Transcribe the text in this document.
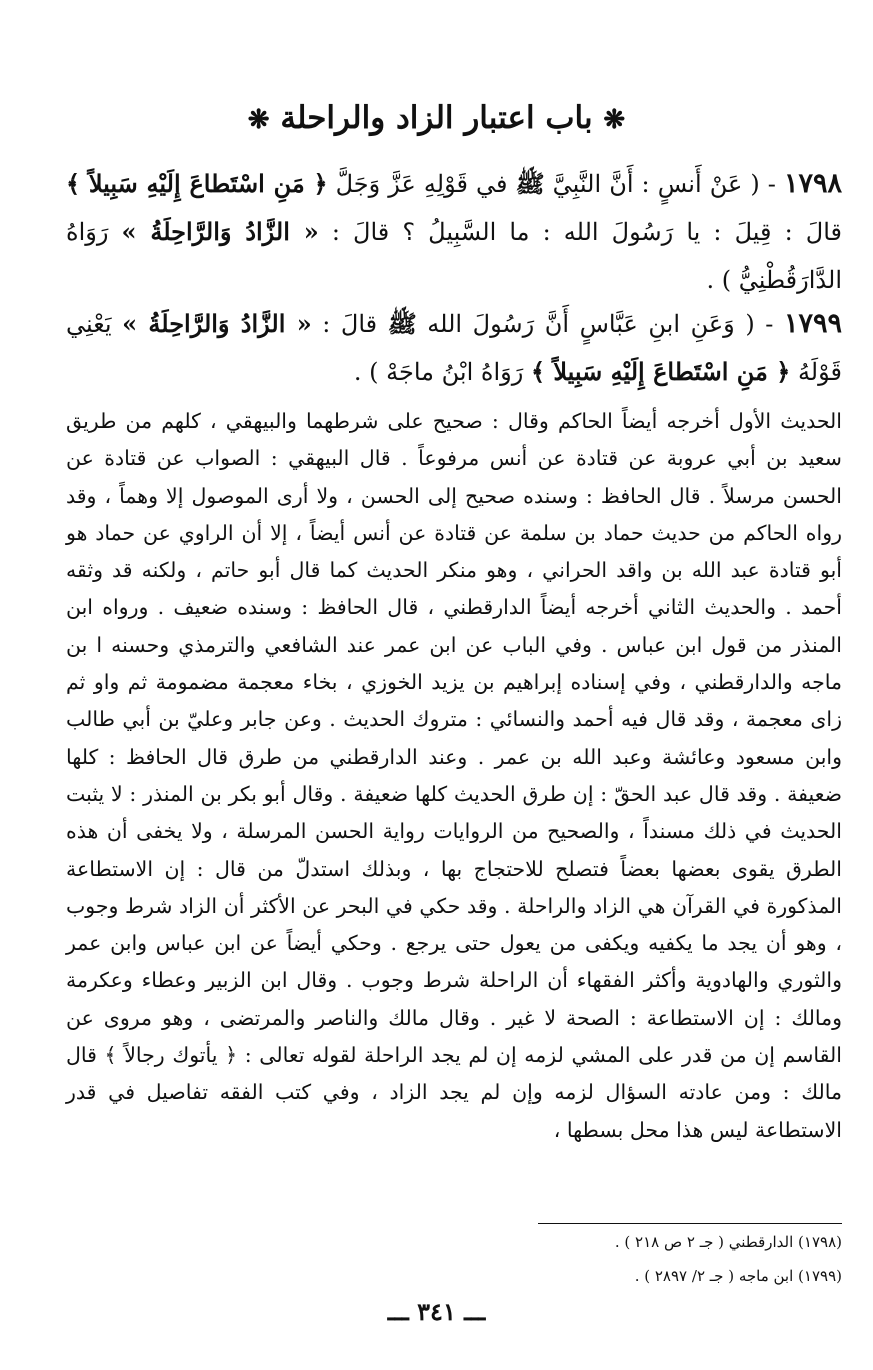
❋ باب اعتبار الزاد والراحلة ❋
١٧٩٨ - ( عَنْ أَنسٍ : أَنَّ النَّبِيَّ ﷺ في قَوْلِهِ عَزَّ وَجَلَّ ﴿ مَنِ اسْتَطاعَ إِلَيْهِ سَبِيلاً ﴾ قالَ : قِيلَ : يا رَسُولَ الله : ما السَّبِيلُ ؟ قالَ : « الزَّادُ وَالرَّاحِلَةُ » رَوَاهُ الدَّارَقُطْنِيُّ ) .
١٧٩٩ - ( وَعَنِ ابنِ عَبَّاسٍ أَنَّ رَسُولَ الله ﷺ قالَ : « الزَّادُ وَالرَّاحِلَةُ » يَعْنِي قَوْلَهُ ﴿ مَنِ اسْتَطاعَ إِلَيْهِ سَبِيلاً ﴾ رَوَاهُ ابْنُ ماجَهْ ) .
الحديث الأول أخرجه أيضاً الحاكم وقال : صحيح على شرطهما والبيهقي ، كلهم من طريق سعيد بن أبي عروبة عن قتادة عن أنس مرفوعاً . قال البيهقي : الصواب عن قتادة عن الحسن مرسلاً . قال الحافظ : وسنده صحيح إلى الحسن ، ولا أرى الموصول إلا وهماً ، وقد رواه الحاكم من حديث حماد بن سلمة عن قتادة عن أنس أيضاً ، إلا أن الراوي عن حماد هو أبو قتادة عبد الله بن واقد الحراني ، وهو منكر الحديث كما قال أبو حاتم ، ولكنه قد وثقه أحمد . والحديث الثاني أخرجه أيضاً الدارقطني ، قال الحافظ : وسنده ضعيف . ورواه ابن المنذر من قول ابن عباس . وفي الباب عن ابن عمر عند الشافعي والترمذي وحسنه ا بن ماجه والدارقطني ، وفي إسناده إبراهيم بن يزيد الخوزي ، بخاء معجمة مضمومة ثم واو ثم زاى معجمة ، وقد قال فيه أحمد والنسائي : متروك الحديث . وعن جابر وعليّ بن أبي طالب وابن مسعود وعائشة وعبد الله بن عمر . وعند الدارقطني من طرق قال الحافظ : كلها ضعيفة . وقد قال عبد الحقّ : إن طرق الحديث كلها ضعيفة . وقال أبو بكر بن المنذر : لا يثبت الحديث في ذلك مسنداً ، والصحيح من الروايات رواية الحسن المرسلة ، ولا يخفى أن هذه الطرق يقوى بعضها بعضاً فتصلح للاحتجاج بها ، وبذلك استدلّ من قال : إن الاستطاعة المذكورة في القرآن هي الزاد والراحلة . وقد حكي في البحر عن الأكثر أن الزاد شرط وجوب ، وهو أن يجد ما يكفيه ويكفى من يعول حتى يرجع . وحكي أيضاً عن ابن عباس وابن عمر والثوري والهادوية وأكثر الفقهاء أن الراحلة شرط وجوب . وقال ابن الزبير وعطاء وعكرمة ومالك : إن الاستطاعة : الصحة لا غير . وقال مالك والناصر والمرتضى ، وهو مروى عن القاسم إن من قدر على المشي لزمه إن لم يجد الراحلة لقوله تعالى : ﴿ يأتوك رجالاً ﴾ قال مالك : ومن عادته السؤال لزمه وإن لم يجد الزاد ، وفي كتب الفقه تفاصيل في قدر الاستطاعة ليس هذا محل بسطها ،
(١٧٩٨) الدارقطني ( جـ ٢ ص ٢١٨ ) .
(١٧٩٩) ابن ماجه ( جـ ٢/ ٢٨٩٧ ) .
ـــ ٣٤١ ـــ
